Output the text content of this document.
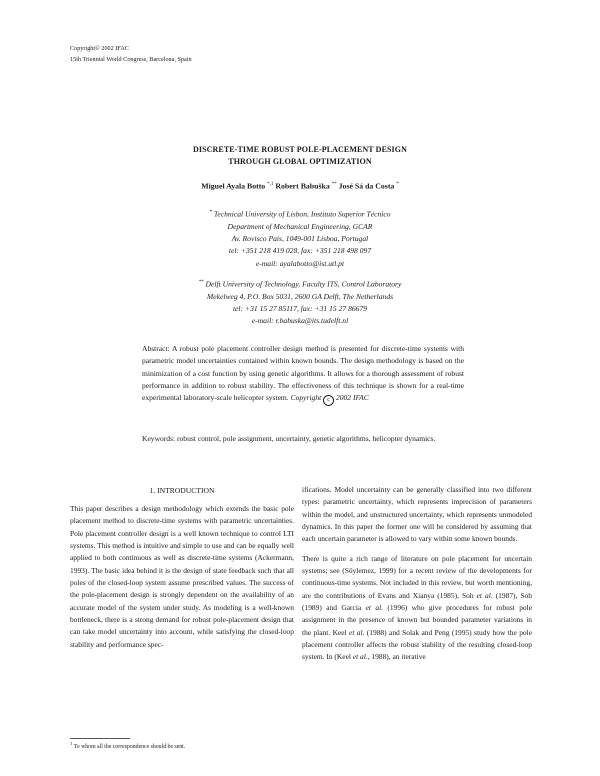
Copyright© 2002 IFAC
15th Triennial World Congress, Barcelona, Spain
DISCRETE-TIME ROBUST POLE-PLACEMENT DESIGN
THROUGH GLOBAL OPTIMIZATION
Miguel Ayala Botto $^{*,1}$ Robert Babuška ** José Sá da Costa *
* Technical University of Lisbon, Instituto Superior Técnico
Department of Mechanical Engineering, GCAR
Av. Rovisco Pais, 1049-001 Lisboa, Portugal
tel: +351 218 419 028, fax: +351 218 498 097
e-mail: ayalabotto@ist.utl.pt
** Delft University of Technology, Faculty ITS, Control Laboratory
Mekelweg 4, P.O. Box 5031, 2600 GA Delft, The Netherlands
tel: +31 15 27 85117, fax: +31 15 27 86679
e-mail: r.babuska@its.tudelft.nl
Abstract: A robust pole placement controller design method is presented for discrete-time systems with parametric model uncertainties contained within known bounds. The design methodology is based on the minimization of a cost function by using genetic algorithms. It allows for a thorough assessment of robust performance in addition to robust stability. The effectiveness of this technique is shown for a real-time experimental laboratory-scale helicopter system. Copyright c 2002 IFAC
Keywords: robust control, pole assignment, uncertainty, genetic algorithms, helicopter dynamics.
1. INTRODUCTION

This paper describes a design methodology which extends the basic pole placement method to discrete-time systems with parametric uncertainties. Pole placement controller design is a well known technique to control LTI systems. This method is intuitive and simple to use and can be equally well applied to both continuous as well as discrete-time systems (Ackermann, 1993). The basic idea behind it is the design of state feedback such that all poles of the closed-loop system assume prescribed values. The success of the pole-placement design is strongly dependent on the availability of an accurate model of the system under study. As modeling is a well-known bottleneck, there is a strong demand for robust pole-placement design that can take model uncertainty into account, while satisfying the closed-loop stability and performance spec-

ifications. Model uncertainty can be generally classified into two different types: parametric uncertainty, which represents imprecision of parameters within the model, and unstructured uncertainty, which represents unmodeled dynamics. In this paper the former one will be considered by assuming that each uncertain parameter is allowed to vary within some known bounds.

There is quite a rich range of literature on pole placement for uncertain systems; see (Söylemez, 1999) for a recent review of the developments for continuous-time systems. Not included in this review, but worth mentioning, are the contributions of Evans and Xianya (1985), Soh et al. (1987), Soh (1989) and Garcia et al. (1996) who give procedures for robust pole assignment in the presence of known but bounded parameter variations in the plant. Keel et al. (1988) and Solak and Peng (1995) study how the pole placement controller affects the robust stability of the resulting closed-loop system. In (Keel et al., 1988), an iterative

$^1$ To whom all the correspondence should be sent.
